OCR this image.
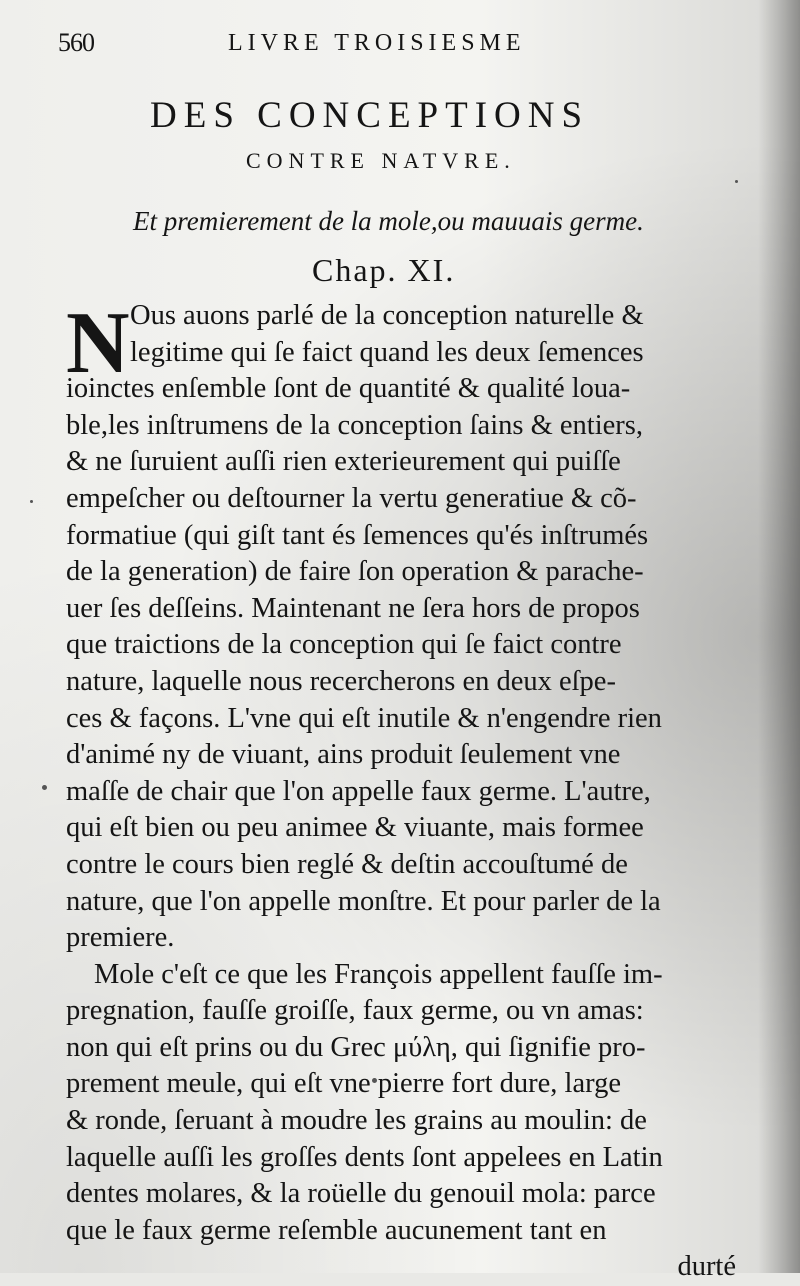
560	LIVRE TROISIESME
DES CONCEPTIONS
CONTRE NATVRE.
Et premierement de la mole,ou mauuais germe.
Chap. XI.
N Ous auons parlé de la conception naturelle &
legitime qui ſe faict quand les deux ſemences
ioinctes enſemble ſont de quantité & qualité loua-
ble,les inſtrumens de la conception ſains & entiers,
& ne ſuruient auſſi rien exterieurement qui puiſſe
empeſcher ou deſtourner la vertu generatiue & cõ-
formatiue (qui giſt tant és ſemences qu'és inſtrumés
de la generation) de faire ſon operation & parache-
uer ſes deſſeins. Maintenant ne ſera hors de propos
que traictions de la conception qui ſe faict contre
nature, laquelle nous recercherons en deux eſpe-
ces & façons. L'vne qui eſt inutile & n'engendre rien
d'animé ny de viuant, ains produit ſeulement vne
maſſe de chair que l'on appelle faux germe. L'autre,
qui eſt bien ou peu animee & viuante, mais formee
contre le cours bien reglé & deſtin accouſtumé de
nature, que l'on appelle monſtre. Et pour parler de la
premiere.
Mole c'eſt ce que les François appellent fauſſe im-
pregnation, fauſſe groiſſe, faux germe, ou vn amas:
non qui eſt prins ou du Grec μύλη, qui ſignifie pro-
prement meule, qui eſt vne pierre fort dure, large
& ronde, ſeruant à moudre les grains au moulin: de
laquelle auſſi les groſſes dents ſont appelees en Latin
dentes molares, & la roüelle du genouil mola: parce
que le faux germe reſemble aucunement tant en
durté
